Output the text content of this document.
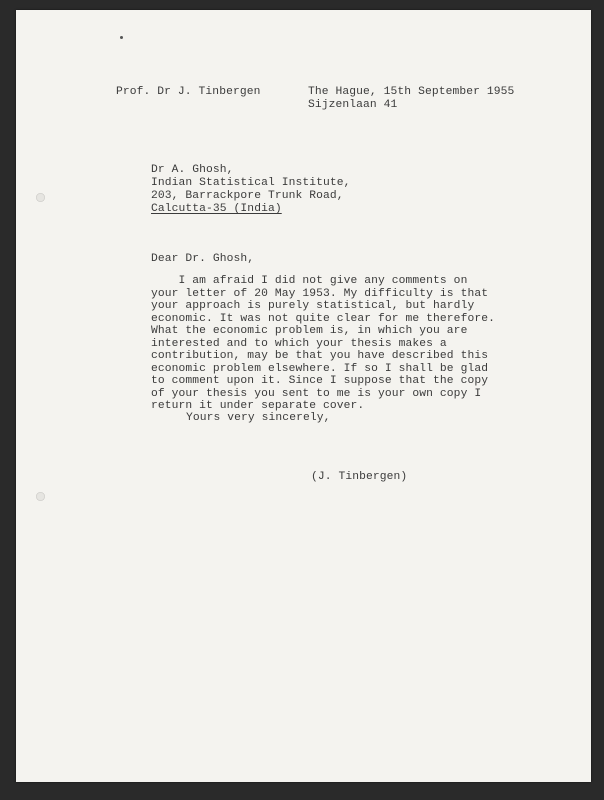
Prof. Dr J. Tinbergen	The Hague, 15th September 1955
Sijzenlaan 41
Dr A. Ghosh,
Indian Statistical Institute,
203, Barrackpore Trunk Road,
Calcutta-35 (India)
Dear Dr. Ghosh,
I am afraid I did not give any comments on
your letter of 20 May 1953. My difficulty is that
your approach is purely statistical, but hardly
economic. It was not quite clear for me therefore.
What the economic problem is, in which you are
interested and to which your thesis makes a
contribution, may be that you have described this
economic problem elsewhere. If so I shall be glad
to comment upon it. Since I suppose that the copy
of your thesis you sent to me is your own copy I
return it under separate cover.
Yours very sincerely,
(J. Tinbergen)
